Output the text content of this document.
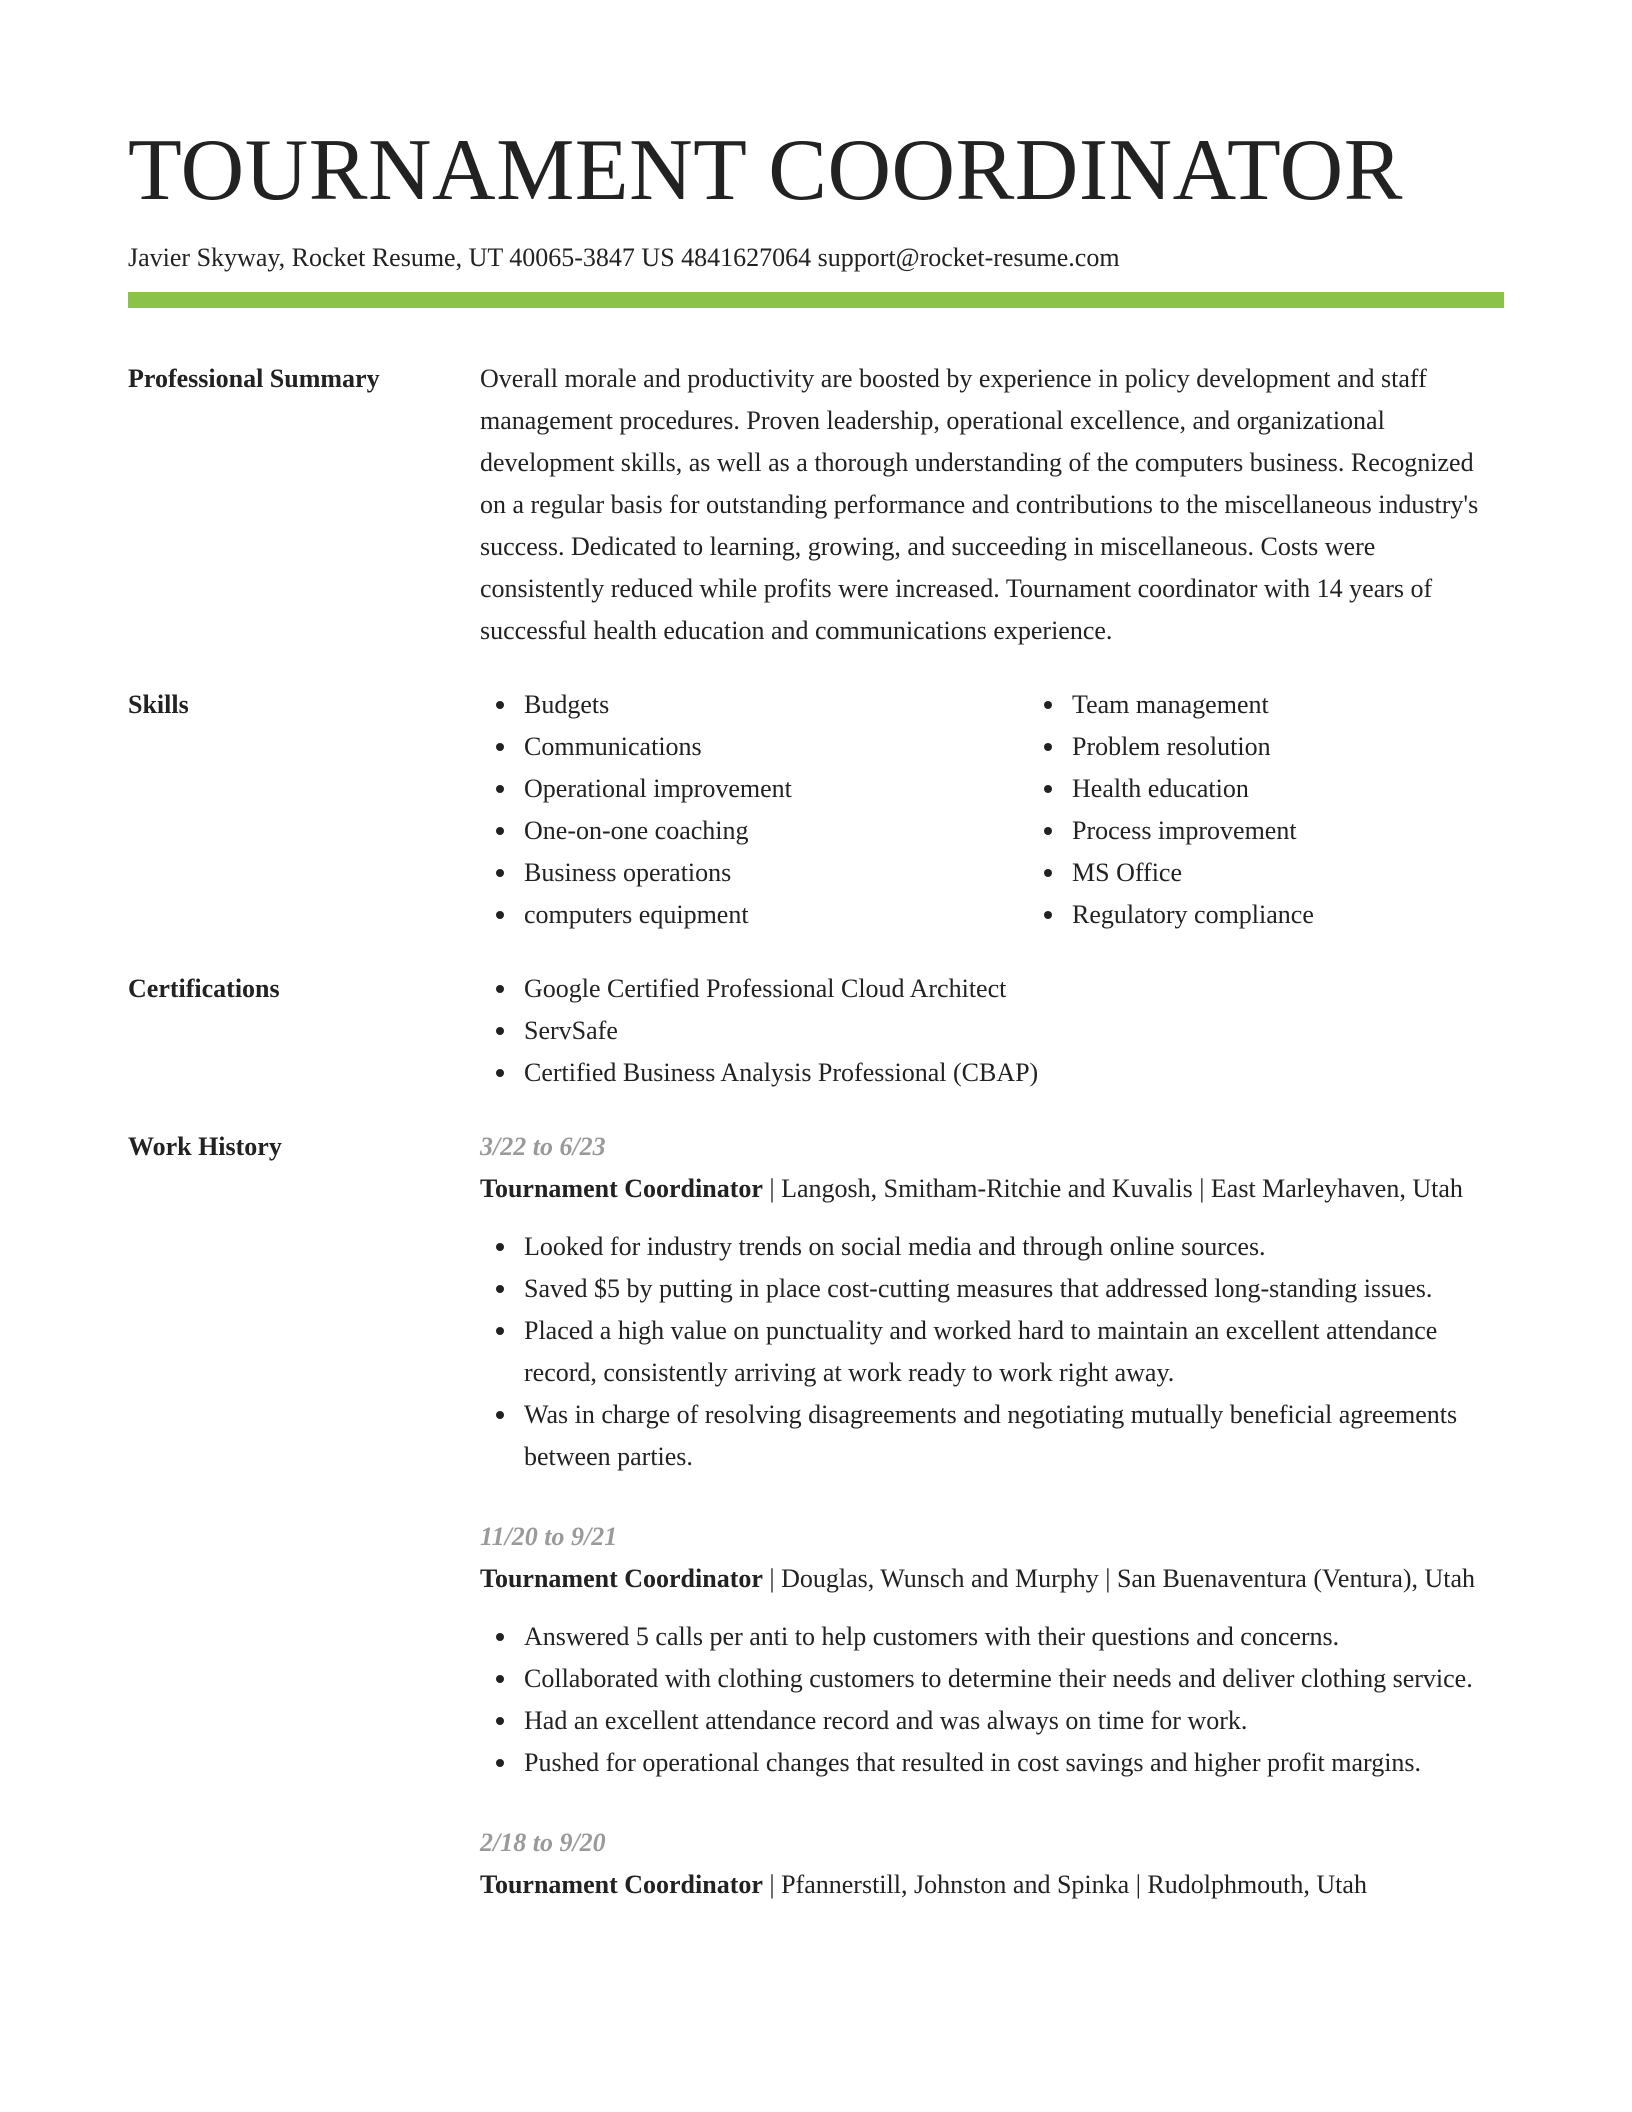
TOURNAMENT COORDINATOR
Javier Skyway, Rocket Resume, UT 40065-3847 US 4841627064 support@rocket-resume.com
Professional Summary	Overall morale and productivity are boosted by experience in policy development and staff management procedures. Proven leadership, operational excellence, and organizational development skills, as well as a thorough understanding of the computers business. Recognized on a regular basis for outstanding performance and contributions to the miscellaneous industry's success. Dedicated to learning, growing, and succeeding in miscellaneous. Costs were consistently reduced while profits were increased. Tournament coordinator with 14 years of successful health education and communications experience.

Skills	Budgets
Communications
Operational improvement
One-on-one coaching
Business operations
computers equipment
Team management
Problem resolution
Health education
Process improvement
MS Office
Regulatory compliance
Certifications	Google Certified Professional Cloud Architect
ServSafe
Certified Business Analysis Professional (CBAP)
Work History	3/22 to 6/23
Tournament Coordinator | Langosh, Smitham-Ritchie and Kuvalis | East Marleyhaven, Utah
Looked for industry trends on social media and through online sources.
Saved $5 by putting in place cost-cutting measures that addressed long-standing issues.
Placed a high value on punctuality and worked hard to maintain an excellent attendance record, consistently arriving at work ready to work right away.
Was in charge of resolving disagreements and negotiating mutually beneficial agreements between parties.
11/20 to 9/21
Tournament Coordinator | Douglas, Wunsch and Murphy | San Buenaventura (Ventura), Utah
Answered 5 calls per anti to help customers with their questions and concerns.
Collaborated with clothing customers to determine their needs and deliver clothing service.
Had an excellent attendance record and was always on time for work.
Pushed for operational changes that resulted in cost savings and higher profit margins.
2/18 to 9/20
Tournament Coordinator | Pfannerstill, Johnston and Spinka | Rudolphmouth, Utah
